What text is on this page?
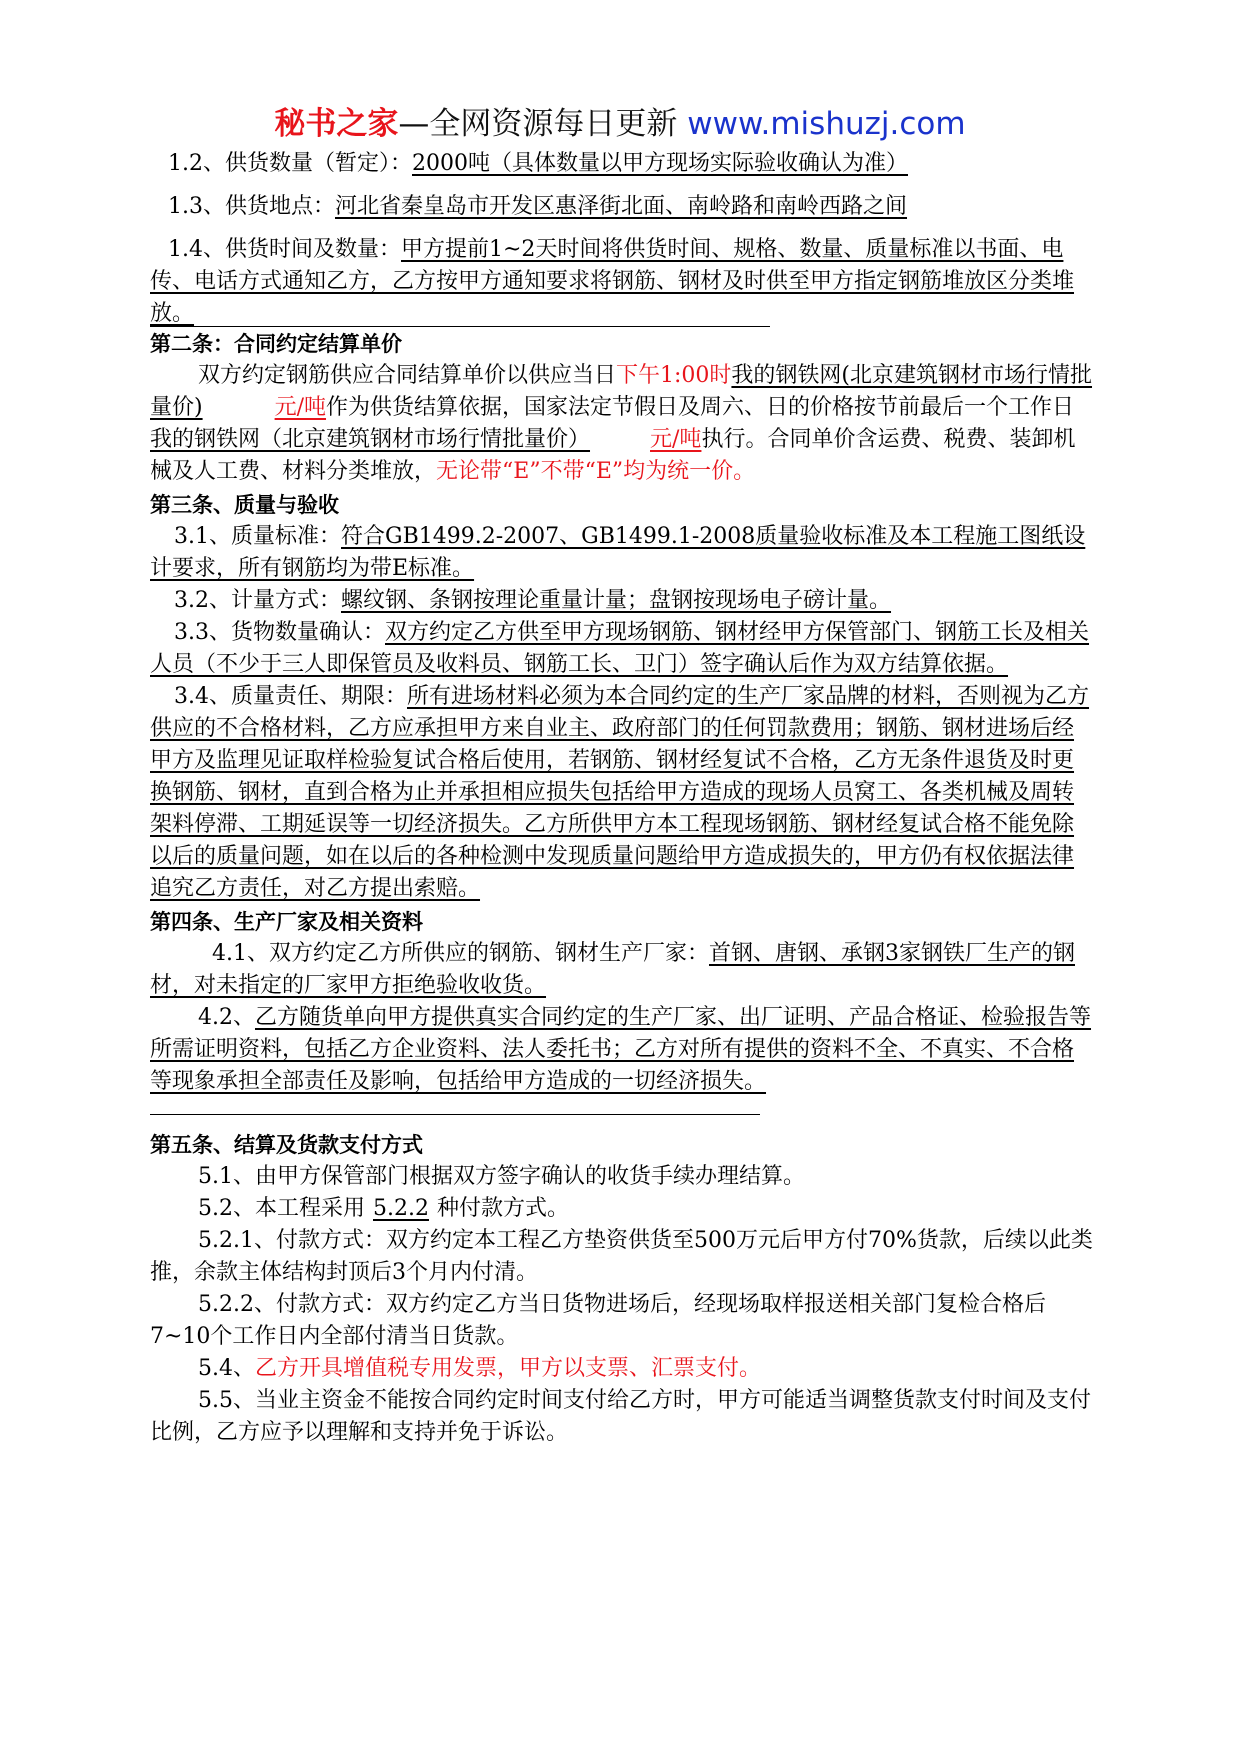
秘书之家—全网资源每日更新 www.mishuzj.com

1.2、供货数量（暂定）：2000吨（具体数量以甲方现场实际验收确认为准）

1.3、供货地点：河北省秦皇岛市开发区惠泽街北面、南岭路和南岭西路之间

1.4、供货时间及数量：甲方提前1~2天时间将供货时间、规格、数量、质量标准以书面、电传、电话方式通知乙方，乙方按甲方通知要求将钢筋、钢材及时供至甲方指定钢筋堆放区分类堆放。

第二条：合同约定结算单价

双方约定钢筋供应合同结算单价以供应当日下午1:00时我的钢铁网(北京建筑钢材市场行情批量价)	元/吨作为供货结算依据，国家法定节假日及周六、日的价格按节前最后一个工作日我的钢铁网（北京建筑钢材市场行情批量价）	元/吨执行。合同单价含运费、税费、装卸机械及人工费、材料分类堆放，无论带“E”不带“E”均为统一价。

第三条、质量与验收

3.1、质量标准：符合GB1499.2-2007、GB1499.1-2008质量验收标准及本工程施工图纸设计要求，所有钢筋均为带E标准。

3.2、计量方式：螺纹钢、条钢按理论重量计量；盘钢按现场电子磅计量。

3.3、货物数量确认：双方约定乙方供至甲方现场钢筋、钢材经甲方保管部门、钢筋工长及相关人员（不少于三人即保管员及收料员、钢筋工长、卫门）签字确认后作为双方结算依据。

3.4、质量责任、期限：所有进场材料必须为本合同约定的生产厂家品牌的材料，否则视为乙方供应的不合格材料，乙方应承担甲方来自业主、政府部门的任何罚款费用；钢筋、钢材进场后经甲方及监理见证取样检验复试合格后使用，若钢筋、钢材经复试不合格，乙方无条件退货及时更换钢筋、钢材，直到合格为止并承担相应损失包括给甲方造成的现场人员窝工、各类机械及周转架料停滞、工期延误等一切经济损失。乙方所供甲方本工程现场钢筋、钢材经复试合格不能免除以后的质量问题，如在以后的各种检测中发现质量问题给甲方造成损失的，甲方仍有权依据法律追究乙方责任，对乙方提出索赔。

第四条、生产厂家及相关资料

4.1、双方约定乙方所供应的钢筋、钢材生产厂家：首钢、唐钢、承钢3家钢铁厂生产的钢材，对未指定的厂家甲方拒绝验收收货。

4.2、乙方随货单向甲方提供真实合同约定的生产厂家、出厂证明、产品合格证、检验报告等所需证明资料，包括乙方企业资料、法人委托书；乙方对所有提供的资料不全、不真实、不合格等现象承担全部责任及影响，包括给甲方造成的一切经济损失。

第五条、结算及货款支付方式

5.1、由甲方保管部门根据双方签字确认的收货手续办理结算。

5.2、本工程采用 5.2.2 种付款方式。

5.2.1、付款方式：双方约定本工程乙方垫资供货至500万元后甲方付70%货款，后续以此类推，余款主体结构封顶后3个月内付清。

5.2.2、付款方式：双方约定乙方当日货物进场后，经现场取样报送相关部门复检合格后7~10个工作日内全部付清当日货款。

5.4、乙方开具增值税专用发票，甲方以支票、汇票支付。

5.5、当业主资金不能按合同约定时间支付给乙方时，甲方可能适当调整货款支付时间及支付比例，乙方应予以理解和支持并免于诉讼。
